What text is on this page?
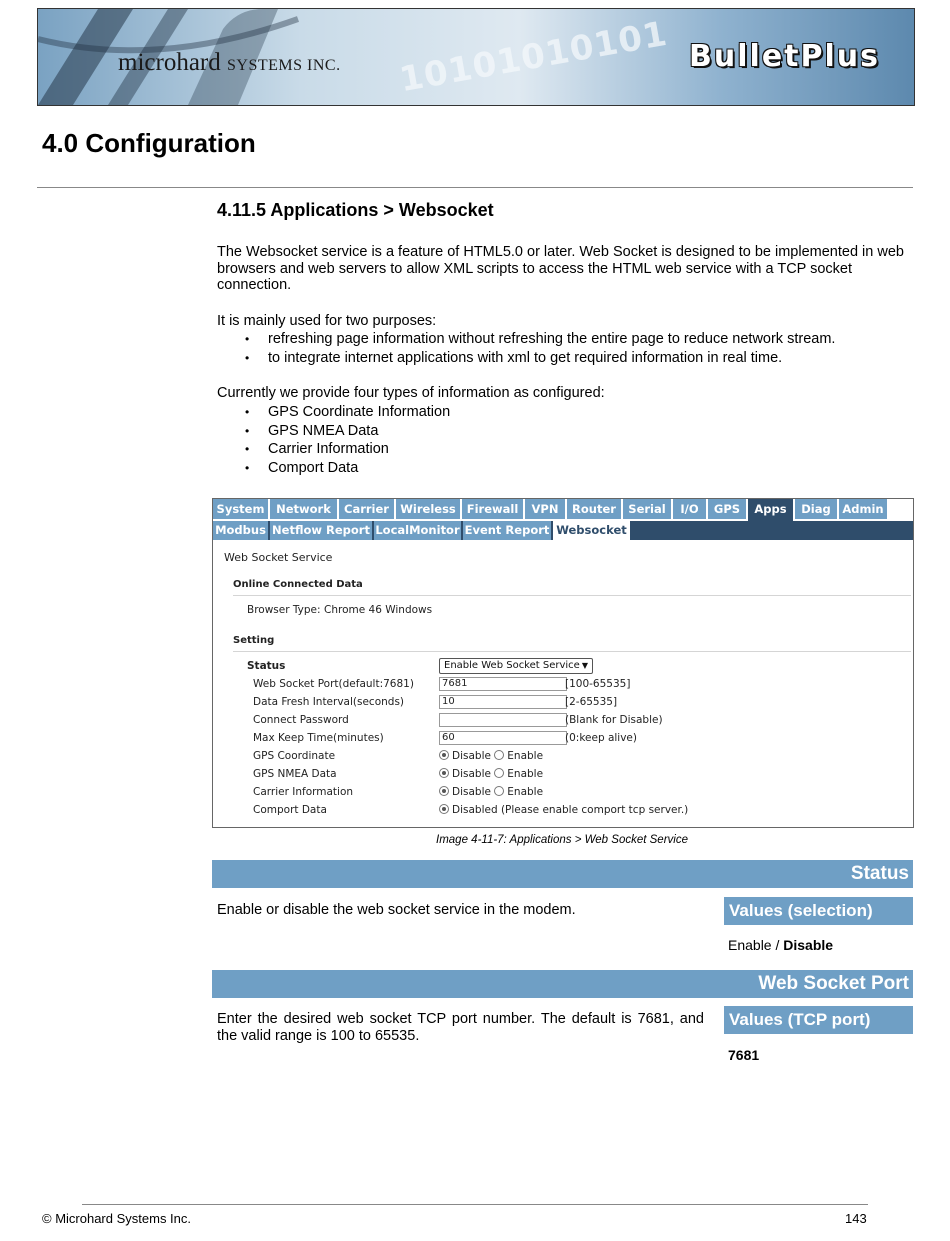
10101010101
microhard SYSTEMS INC.	BulletPlus
4.0 Configuration
4.11.5 Applications > Websocket
The Websocket service is a feature of HTML5.0 or later. Web Socket is designed to be implemented in web browsers and web servers to allow XML scripts to access the HTML web service with a TCP socket connection.
It is mainly used for two purposes:
• refreshing page information without refreshing the entire page to reduce network stream.
• to integrate internet applications with xml to get required information in real time.
Currently we provide four types of information as configured:
• GPS Coordinate Information
• GPS NMEA Data
• Carrier Information
• Comport Data
System	Network	Carrier Wireless Firewall	VPN	Router	Serial	I/O	GPS	Apps	Diag	Admin
Modbus Netflow Report LocalMonitor Event Report Websocket
Web Socket Service
Online Connected Data
Browser Type: Chrome 46 Windows
Setting
Status	Enable Web Socket Service ▼
Web Socket Port(default:7681)	7681	[100-65535]
Data Fresh Interval(seconds)	10	[2-65535]
Connect Password	(Blank for Disable)
Max Keep Time(minutes)	60	(0:keep alive)
GPS Coordinate	Disable Enable
GPS NMEA Data	Disable Enable
Carrier Information	Disable Enable
Comport Data	Disabled (Please enable comport tcp server.)
Image 4-11-7: Applications > Web Socket Service
Status
Enable or disable the web socket service in the modem.	Values (selection)
Enable / Disable
Web Socket Port
Enter the desired web socket TCP port number. The default is 7681, and the valid range is 100 to 65535.
Values (TCP port)
7681
© Microhard Systems Inc.	143
